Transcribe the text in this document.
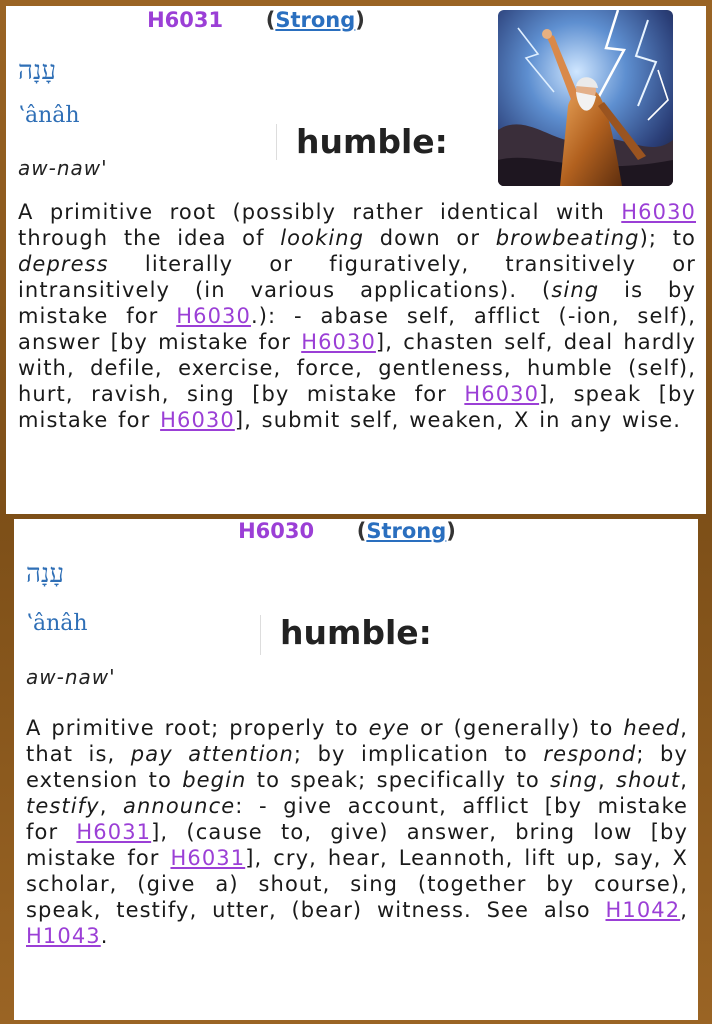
H6031 (Strong)
עָנָה
ʽânâh
aw-naw'
humble:
A primitive root (possibly rather identical with H6030 through the idea of looking down or browbeating); to depress literally or figuratively, transitively or intransitively (in various applications). (sing is by mistake for H6030.): - abase self, afflict (-ion, self), answer [by mistake for H6030], chasten self, deal hardly with, defile, exercise, force, gentleness, humble (self), hurt, ravish, sing [by mistake for H6030], speak [by mistake for H6030], submit self, weaken, X in any wise.
H6030 (Strong)
עָנָה
ʽânâh
aw-naw'
humble:
A primitive root; properly to eye or (generally) to heed, that is, pay attention; by implication to respond; by extension to begin to speak; specifically to sing, shout, testify, announce: - give account, afflict [by mistake for H6031], (cause to, give) answer, bring low [by mistake for H6031], cry, hear, Leannoth, lift up, say, X scholar, (give a) shout, sing (together by course), speak, testify, utter, (bear) witness. See also H1042, H1043.
